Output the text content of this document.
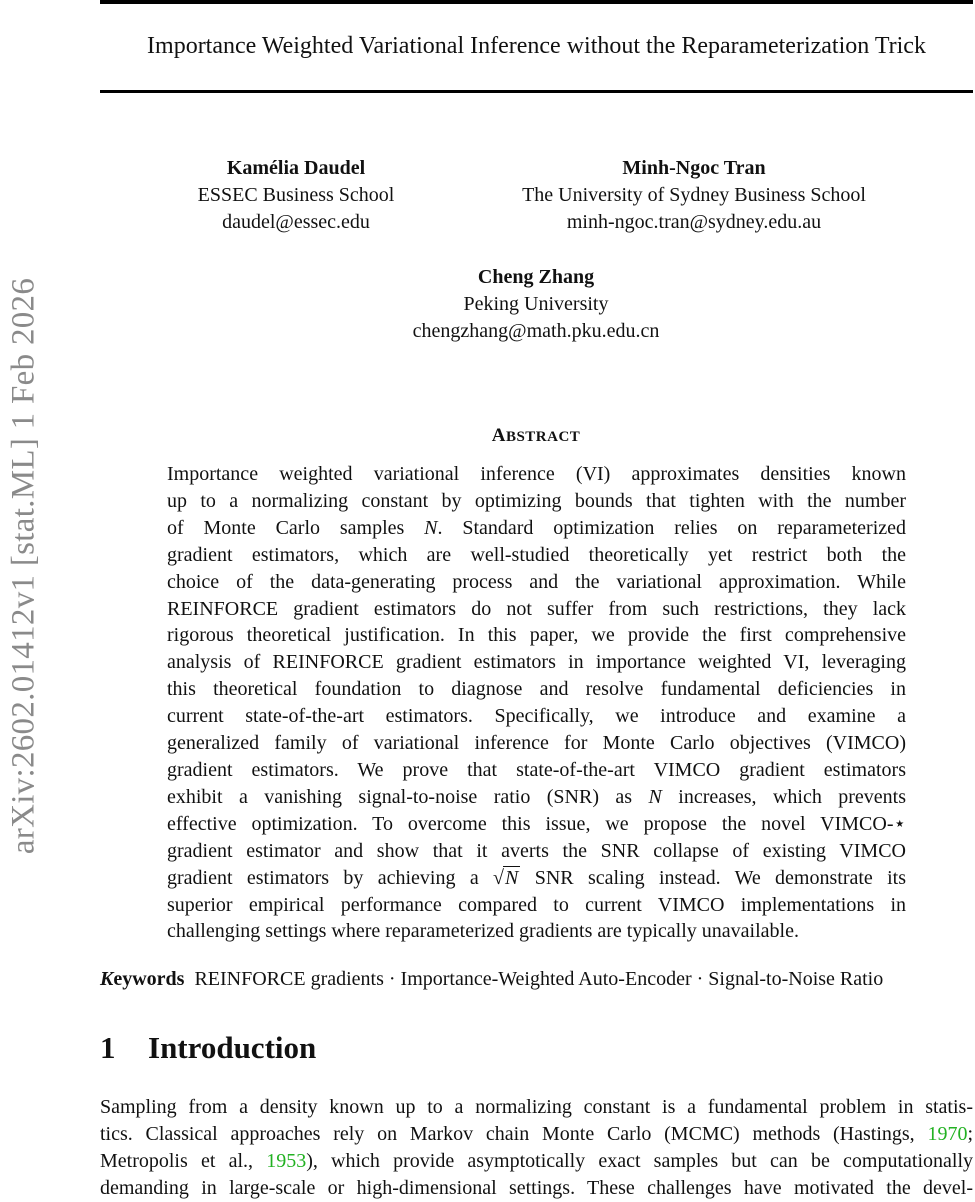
arXiv:2602.01412v1 [stat.ML] 1 Feb 2026
Importance Weighted Variational Inference without the Reparameterization Trick
Kamélia Daudel
ESSEC Business School
daudel@essec.edu
Minh-Ngoc Tran
The University of Sydney Business School
minh-ngoc.tran@sydney.edu.au
Cheng Zhang
Peking University
chengzhang@math.pku.edu.cn
ABSTRACT
Importance weighted variational inference (VI) approximates densities known
up to a normalizing constant by optimizing bounds that tighten with the number
of Monte Carlo samples N. Standard optimization relies on reparameterized
gradient estimators, which are well-studied theoretically yet restrict both the
choice of the data-generating process and the variational approximation. While
REINFORCE gradient estimators do not suffer from such restrictions, they lack
rigorous theoretical justification. In this paper, we provide the first comprehensive
analysis of REINFORCE gradient estimators in importance weighted VI, leveraging
this theoretical foundation to diagnose and resolve fundamental deficiencies in
current state-of-the-art estimators. Specifically, we introduce and examine a
generalized family of variational inference for Monte Carlo objectives (VIMCO)
gradient estimators. We prove that state-of-the-art VIMCO gradient estimators
exhibit a vanishing signal-to-noise ratio (SNR) as N increases, which prevents
effective optimization. To overcome this issue, we propose the novel VIMCO-⋆
gradient estimator and show that it averts the SNR collapse of existing VIMCO
gradient estimators by achieving a √N SNR scaling instead. We demonstrate its
superior empirical performance compared to current VIMCO implementations in
challenging settings where reparameterized gradients are typically unavailable.
Keywords REINFORCE gradients · Importance-Weighted Auto-Encoder · Signal-to-Noise Ratio
1 Introduction
Sampling from a density known up to a normalizing constant is a fundamental problem in statis-
tics. Classical approaches rely on Markov chain Monte Carlo (MCMC) methods (Hastings, 1970;
Metropolis et al., 1953), which provide asymptotically exact samples but can be computationally
demanding in large-scale or high-dimensional settings. These challenges have motivated the devel-
